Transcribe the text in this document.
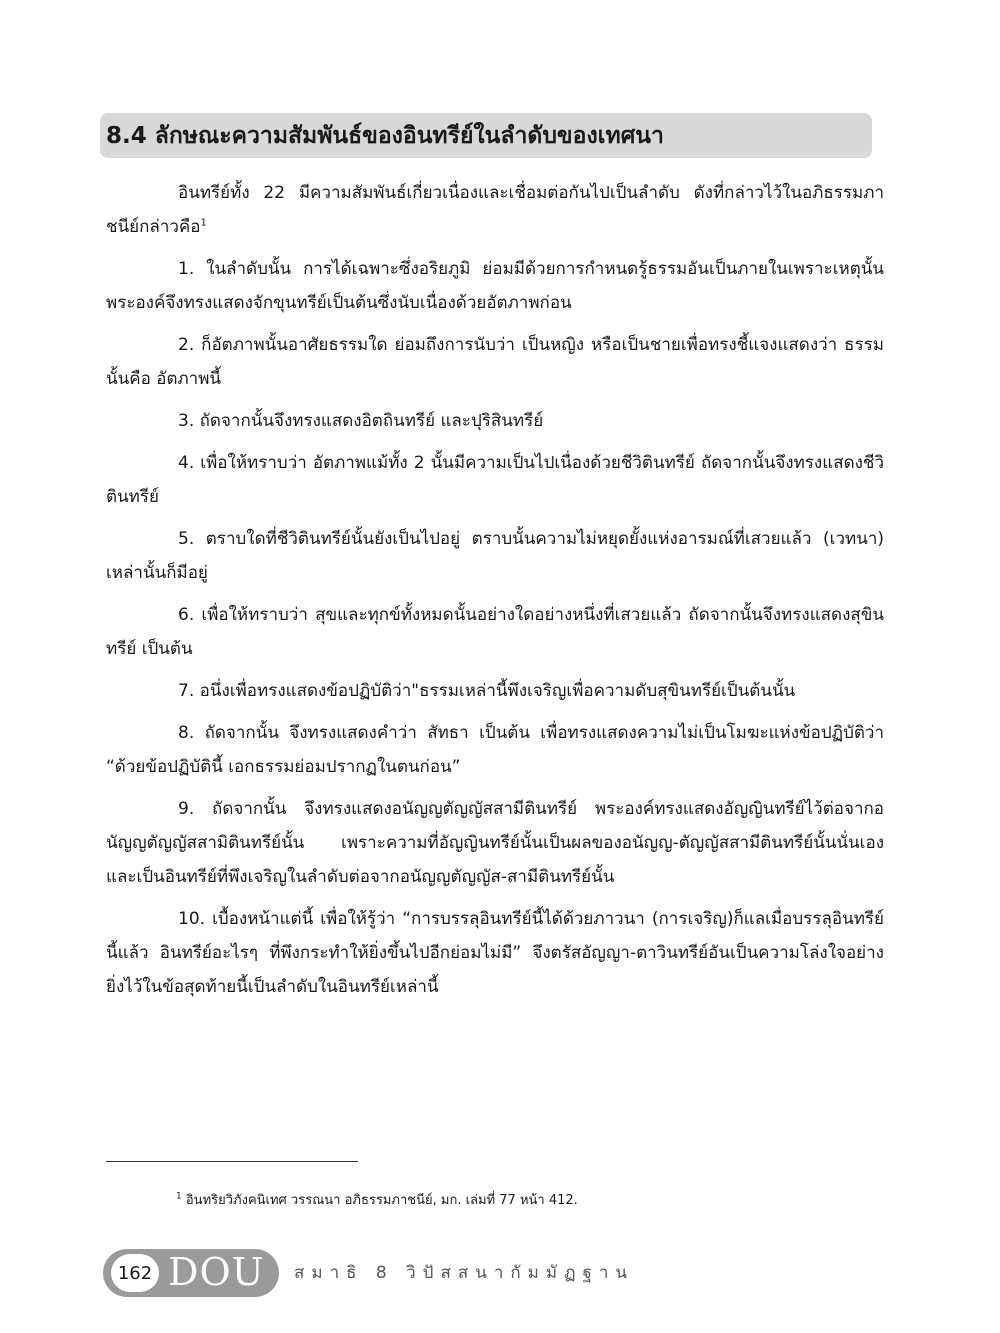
8.4 ลักษณะความสัมพันธ์ของอินทรีย์ในลำดับของเทศนา

อินทรีย์ทั้ง 22 มีความสัมพันธ์เกี่ยวเนื่องและเชื่อมต่อกันไปเป็นลำดับ ดังที่กล่าวไว้ในอภิธรรมภาชนีย์กล่าวคือ$^1$

1. ในลำดับนั้น การได้เฉพาะซึ่งอริยภูมิ ย่อมมีด้วยการกำหนดรู้ธรรมอันเป็นภายในเพราะเหตุนั้น พระองค์จึงทรงแสดงจักขุนทรีย์เป็นต้นซึ่งนับเนื่องด้วยอัตภาพก่อน

2. ก็อัตภาพนั้นอาศัยธรรมใด ย่อมถึงการนับว่า เป็นหญิง หรือเป็นชายเพื่อทรงชี้แจงแสดงว่า ธรรมนั้นคือ อัตภาพนี้

3. ถัดจากนั้นจึงทรงแสดงอิตถินทรีย์ และปุริสินทรีย์

4. เพื่อให้ทราบว่า อัตภาพแม้ทั้ง 2 นั้นมีความเป็นไปเนื่องด้วยชีวิตินทรีย์ ถัดจากนั้นจึงทรงแสดงชีวิตินทรีย์

5. ตราบใดที่ชีวิตินทรีย์นั้นยังเป็นไปอยู่ ตราบนั้นความไม่หยุดยั้งแห่งอารมณ์ที่เสวยแล้ว (เวทนา) เหล่านั้นก็มีอยู่

6. เพื่อให้ทราบว่า สุขและทุกข์ทั้งหมดนั้นอย่างใดอย่างหนึ่งที่เสวยแล้ว ถัดจากนั้นจึงทรงแสดงสุขินทรีย์ เป็นต้น

7. อนึ่งเพื่อทรงแสดงข้อปฏิบัติว่า"ธรรมเหล่านี้พึงเจริญเพื่อความดับสุขินทรีย์เป็นต้นนั้น

8. ถัดจากนั้น จึงทรงแสดงคำว่า สัทธา เป็นต้น เพื่อทรงแสดงความไม่เป็นโมฆะแห่งข้อปฏิบัติว่า “ด้วยข้อปฏิบัตินี้ เอกธรรมย่อมปรากฏในตนก่อน”

9. ถัดจากนั้น จึงทรงแสดงอนัญญตัญญัสสามีตินทรีย์ พระองค์ทรงแสดงอัญญินทรีย์ไว้ต่อจากอนัญญตัญญัสสามิตินทรีย์นั้น เพราะความที่อัญญินทรีย์นั้นเป็นผลของอนัญญ-ตัญญัสสามีตินทรีย์นั้นนั่นเอง และเป็นอินทรีย์ที่พึงเจริญในลำดับต่อจากอนัญญตัญญัส-สามีตินทรีย์นั้น

10. เบื้องหน้าแต่นี้ เพื่อให้รู้ว่า “การบรรลุอินทรีย์นี้ได้ด้วยภาวนา (การเจริญ)ก็แลเมื่อบรรลุอินทรีย์นี้แล้ว อินทรีย์อะไรๆ ที่พึงกระทำให้ยิ่งขึ้นไปอีกย่อมไม่มี” จึงตรัสอัญญา-ตาวินทรีย์อันเป็นความโล่งใจอย่างยิ่งไว้ในข้อสุดท้ายนี้เป็นลำดับในอินทรีย์เหล่านี้

$^1$ อินทริยวิภังคนิเทศ วรรณนา อภิธรรมภาชนีย์, มก. เล่มที่ 77 หน้า 412.
162 DOU สมาธิ 8 วิปัสสนากัมมัฏฐาน
